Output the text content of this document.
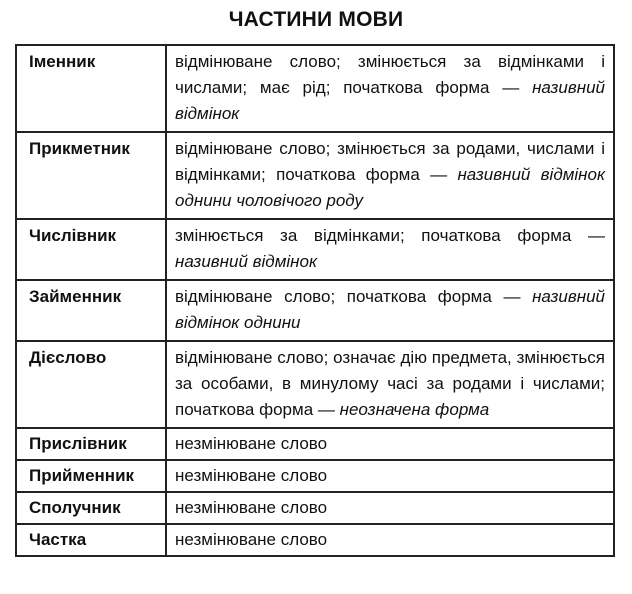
ЧАСТИНИ МОВИ
Іменник	відмінюване слово; змінюється за відмінками і числами; має рід; початкова форма — називний відмінок
Прикметник	відмінюване слово; змінюється за родами, числами і відмінками; початкова форма — називний відмінок однини чоловічого роду
Числівник	змінюється за відмінками; початкова форма — називний відмінок
Займенник	відмінюване слово; початкова форма — називний відмінок однини
Дієслово	відмінюване слово; означає дію предмета, змінюється за особами, в минулому часі за родами і числами; початкова форма — неозначена форма
Прислівник	незмінюване слово
Прийменник	незмінюване слово
Сполучник	незмінюване слово
Частка	незмінюване слово
